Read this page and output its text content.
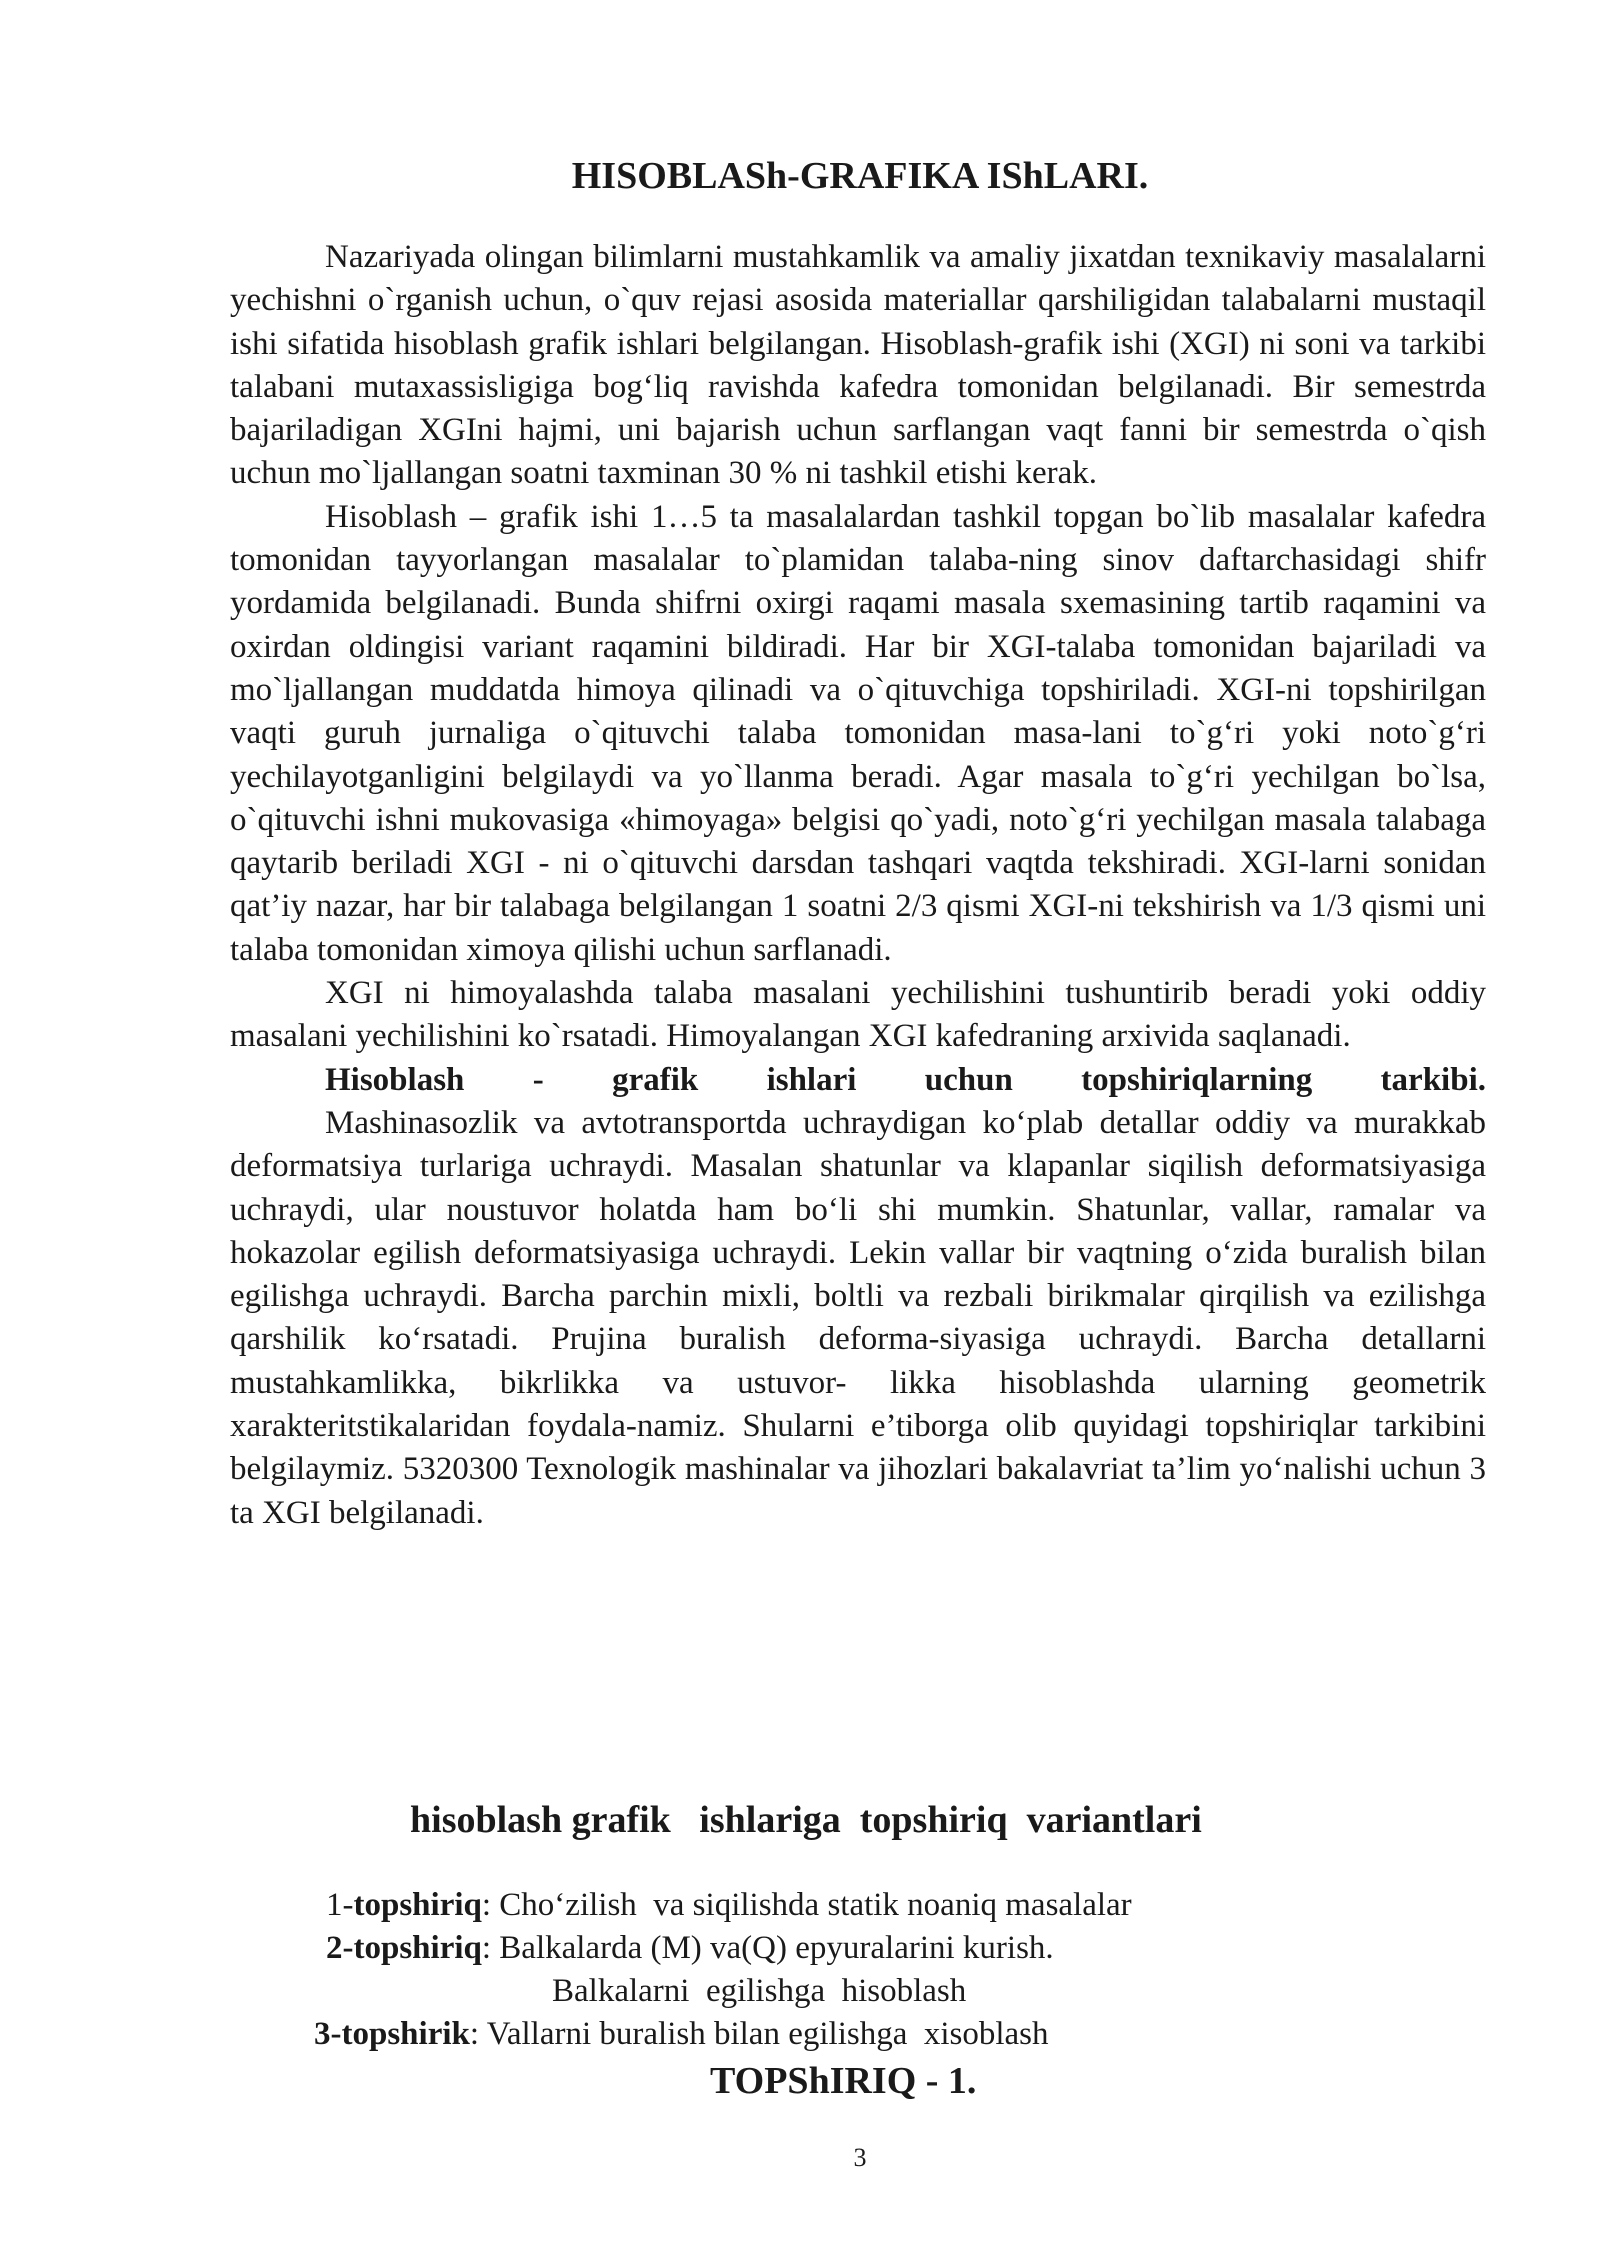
HISOBLASh-GRAFIKA IShLARI.

Nazariyada olingan bilimlarni mustahkamlik va amaliy jixatdan texnikaviy masalalarni yechishni o`rganish uchun, o`quv rejasi asosida materiallar qarshiligidan talabalarni mustaqil ishi sifatida hisoblash grafik ishlari belgilangan. Hisoblash-grafik ishi (XGI) ni soni va tarkibi talabani mutaxassisligiga bog‘liq ravishda kafedra tomonidan belgilanadi. Bir semestrda bajariladigan XGIni hajmi, uni bajarish uchun sarflangan vaqt fanni bir semestrda o`qish uchun mo`ljallangan soatni taxminan 30 % ni tashkil etishi kerak.

Hisoblash – grafik ishi 1…5 ta masalalardan tashkil topgan bo`lib masalalar kafedra tomonidan tayyorlangan masalalar to`plamidan talaba-ning sinov daftarchasidagi shifr yordamida belgilanadi. Bunda shifrni oxirgi raqami masala sxemasining tartib raqamini va oxirdan oldingisi variant raqamini bildiradi. Har bir XGI-talaba tomonidan bajariladi va mo`ljallangan muddatda himoya qilinadi va o`qituvchiga topshiriladi. XGI-ni topshirilgan vaqti guruh jurnaliga o`qituvchi talaba tomonidan masa-lani to`g‘ri yoki noto`g‘ri yechilayotganligini belgilaydi va yo`llanma beradi. Agar masala to`g‘ri yechilgan bo`lsa, o`qituvchi ishni mukovasiga «himoyaga» belgisi qo`yadi, noto`g‘ri yechilgan masala talabaga qaytarib beriladi XGI - ni o`qituvchi darsdan tashqari vaqtda tekshiradi. XGI-larni sonidan qat’iy nazar, har bir talabaga belgilangan 1 soatni 2/3 qismi XGI-ni tekshirish va 1/3 qismi uni talaba tomonidan ximoya qilishi uchun sarflanadi.

XGI ni himoyalashda talaba masalani yechilishini tushuntirib beradi yoki oddiy masalani yechilishini ko`rsatadi. Himoyalangan XGI kafedraning arxivida saqlanadi.

Hisoblash - grafik ishlari uchun topshiriqlarning tarkibi.

Mashinasozlik va avtotransportda uchraydigan ko‘plab detallar oddiy va murakkab deformatsiya turlariga uchraydi. Masalan shatunlar va klapanlar siqilish deformatsiyasiga uchraydi, ular noustuvor holatda ham bo‘li shi mumkin. Shatunlar, vallar, ramalar va hokazolar egilish deformatsiyasiga uchraydi. Lekin vallar bir vaqtning o‘zida buralish bilan egilishga uchraydi. Barcha parchin mixli, boltli va rezbali birikmalar qirqilish va ezilishga qarshilik ko‘rsatadi. Prujina buralish deforma-siyasiga uchraydi. Barcha detallarni mustahkamlikka, bikrlikka va ustuvor- likka hisoblashda ularning geometrik xarakteritstikalaridan foydala-namiz. Shularni e’tiborga olib quyidagi topshiriqlar tarkibini belgilaymiz. 5320300 Texnologik mashinalar va jihozlari bakalavriat ta’lim yo‘nalishi uchun 3 ta XGI belgilanadi.

hisoblash grafik   ishlariga  topshiriq  variantlari
1-topshiriq: Cho‘zilish  va siqilishda statik noaniq masalalar
2-topshiriq: Balkalarda (M) va(Q) epyuralarini kurish.
Balkalarni  egilishga  hisoblash
3-topshirik: Vallarni buralish bilan egilishga  xisoblash
TOPShIRIQ - 1.
3
